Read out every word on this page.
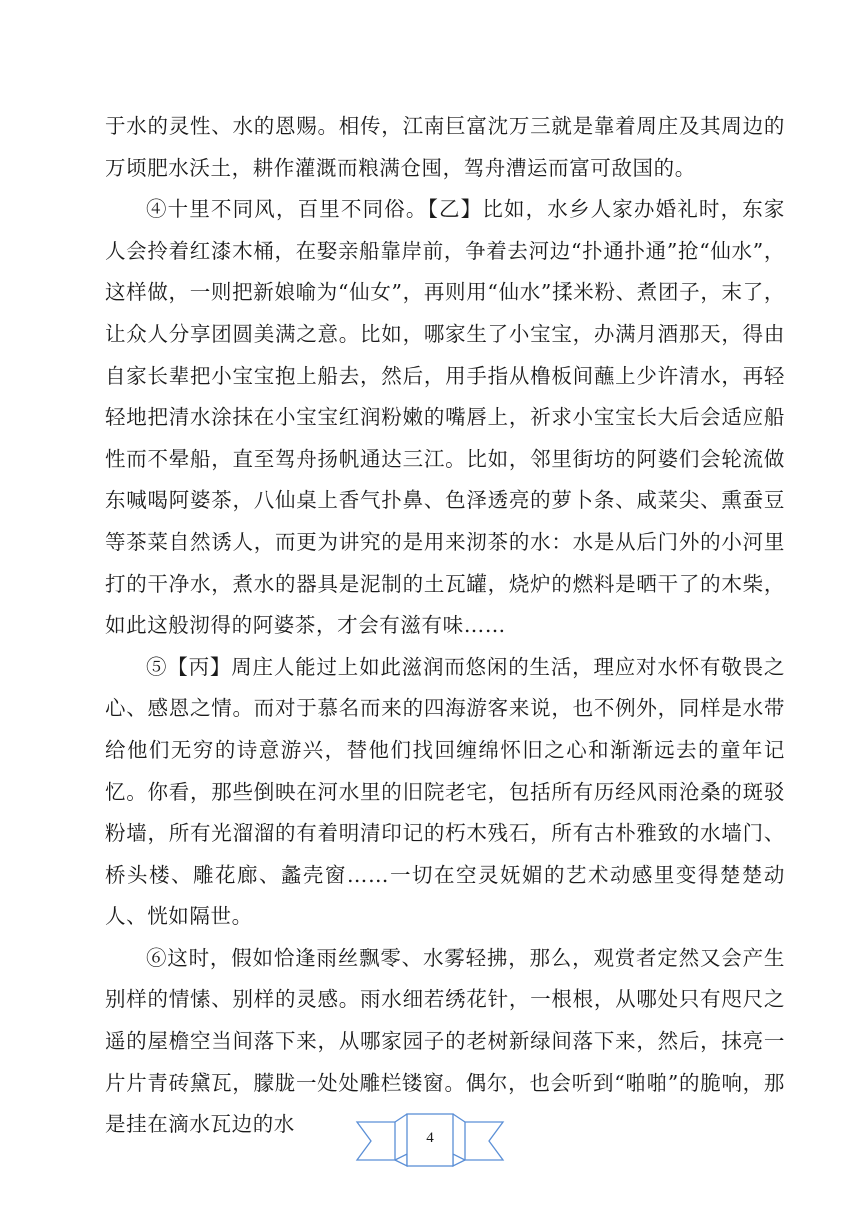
于水的灵性、水的恩赐。相传，江南巨富沈万三就是靠着周庄及其周边的万顷肥水沃土，耕作灌溉而粮满仓囤，驾舟漕运而富可敌国的。

④十里不同风，百里不同俗。【乙】比如，水乡人家办婚礼时，东家人会拎着红漆木桶，在娶亲船靠岸前，争着去河边“扑通扑通”抢“仙水”，这样做，一则把新娘喻为“仙女”，再则用“仙水”揉米粉、煮团子，末了，让众人分享团圆美满之意。比如，哪家生了小宝宝，办满月酒那天，得由自家长辈把小宝宝抱上船去，然后，用手指从橹板间蘸上少许清水，再轻轻地把清水涂抹在小宝宝红润粉嫩的嘴唇上，祈求小宝宝长大后会适应船性而不晕船，直至驾舟扬帆通达三江。比如，邻里街坊的阿婆们会轮流做东喊喝阿婆茶，八仙桌上香气扑鼻、色泽透亮的萝卜条、咸菜尖、熏蚕豆等茶菜自然诱人，而更为讲究的是用来沏茶的水：水是从后门外的小河里打的干净水，煮水的器具是泥制的土瓦罐，烧炉的燃料是晒干了的木柴，如此这般沏得的阿婆茶，才会有滋有味……

⑤【丙】周庄人能过上如此滋润而悠闲的生活，理应对水怀有敬畏之心、感恩之情。而对于慕名而来的四海游客来说，也不例外，同样是水带给他们无穷的诗意游兴，替他们找回缠绵怀旧之心和渐渐远去的童年记忆。你看，那些倒映在河水里的旧院老宅，包括所有历经风雨沧桑的斑驳粉墙，所有光溜溜的有着明清印记的朽木残石，所有古朴雅致的水墙门、桥头楼、雕花廊、蠡壳窗……一切在空灵妩媚的艺术动感里变得楚楚动人、恍如隔世。

⑥这时，假如恰逢雨丝飘零、水雾轻拂，那么，观赏者定然又会产生别样的情愫、别样的灵感。雨水细若绣花针，一根根，从哪处只有咫尺之遥的屋檐空当间落下来，从哪家园子的老树新绿间落下来，然后，抹亮一片片青砖黛瓦，朦胧一处处雕栏镂窗。偶尔，也会听到“啪啪”的脆响，那是挂在滴水瓦边的水

4
